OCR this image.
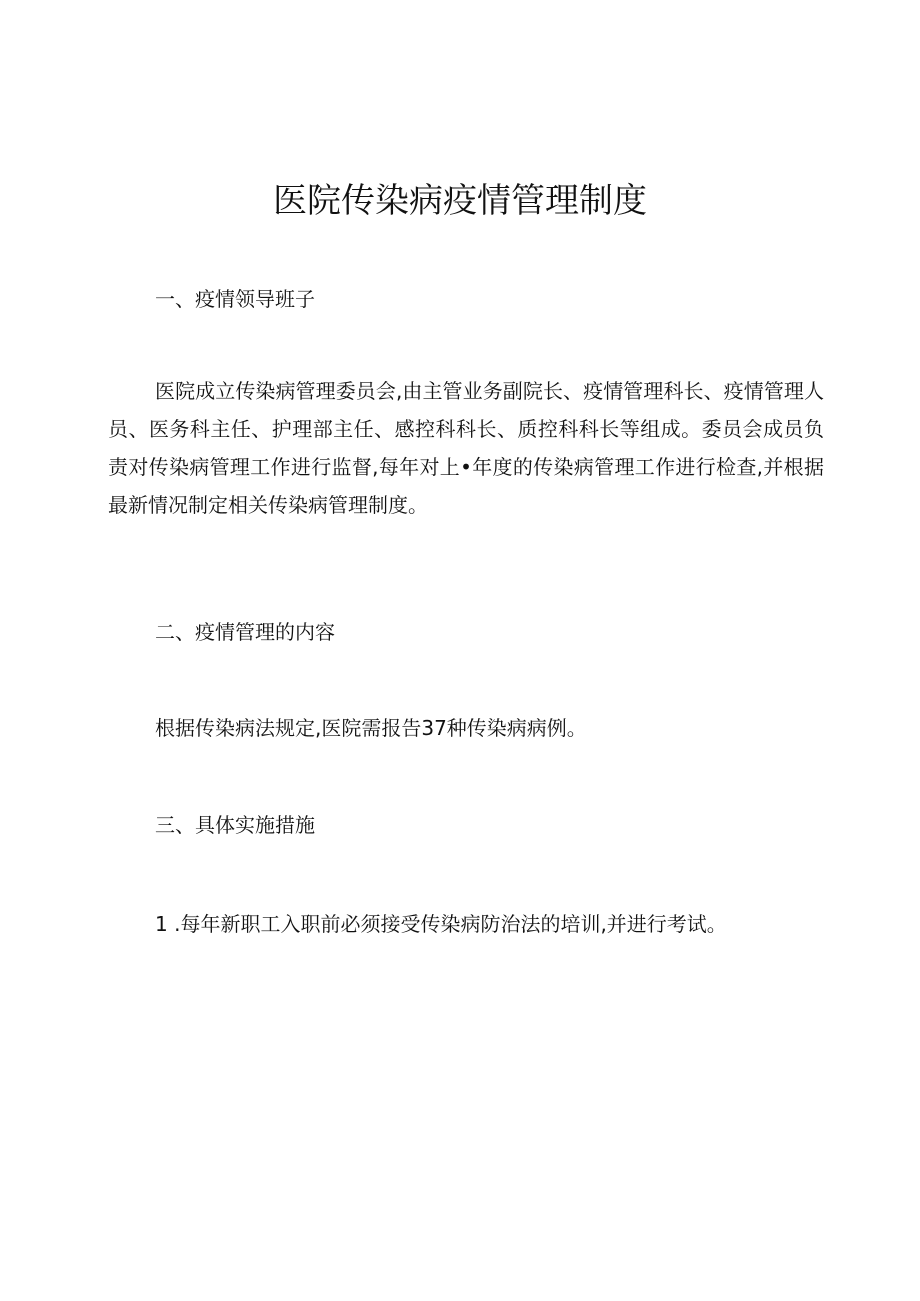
医院传染病疫情管理制度

一、疫情领导班子

医院成立传染病管理委员会,由主管业务副院长、疫情管理科长、疫情管理人员、医务科主任、护理部主任、感控科科长、质控科科长等组成。委员会成员负责对传染病管理工作进行监督,每年对上•年度的传染病管理工作进行检查,并根据最新情况制定相关传染病管理制度。

二、疫情管理的内容

根据传染病法规定,医院需报告37种传染病病例。

三、具体实施措施

1 .每年新职工入职前必须接受传染病防治法的培训,并进行考试。
